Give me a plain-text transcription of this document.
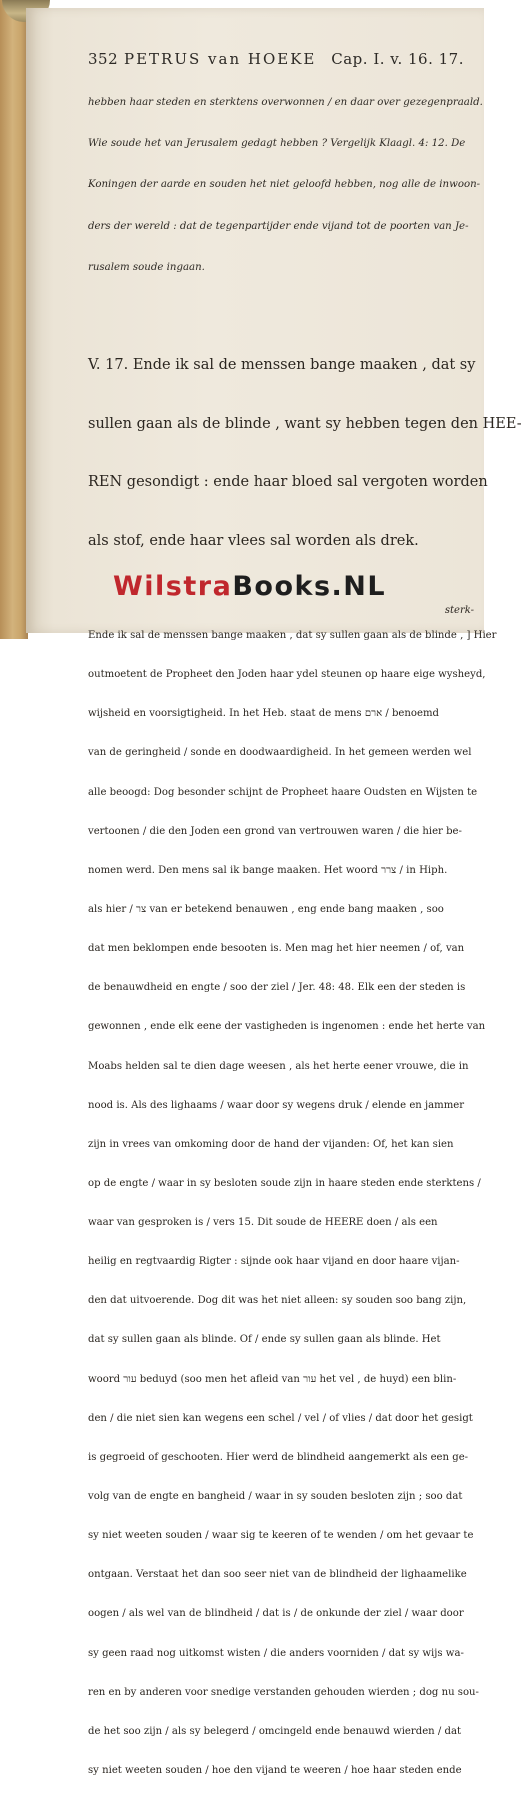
352 PETRUS van HOEKE Cap. I. v. 16. 17.

hebben haar steden en sterktens overwonnen / en daar over gezegenpraald.

Wie soude het van Jerusalem gedagt hebben ? Vergelijk Klaagl. 4: 12. De

Koningen der aarde en souden het niet geloofd hebben, nog alle de inwoon-

ders der wereld : dat de tegenpartijder ende vijand tot de poorten van Je-

rusalem soude ingaan.

V. 17. Ende ik sal de menssen bange maaken , dat sy

sullen gaan als de blinde , want sy hebben tegen den HEE-

REN gesondigt : ende haar bloed sal vergoten worden

als stof, ende haar vlees sal worden als drek.

Ende ik sal de menssen bange maaken , dat sy sullen gaan als de blinde , ] Hier

outmoetent de Propheet den Joden haar ydel steunen op haare eige wysheyd,

wijsheid en voorsigtigheid. In het Heb. staat de mens ארם / benoemd

van de geringheid / sonde en doodwaardigheid. In het gemeen werden wel

alle beoogd: Dog besonder schijnt de Propheet haare Oudsten en Wijsten te

vertoonen / die den Joden een grond van vertrouwen waren / die hier be-

nomen werd. Den mens sal ik bange maaken. Het woord צרר / in Hiph.

als hier / צר van er betekend benauwen , eng ende bang maaken , soo

dat men beklompen ende besooten is. Men mag het hier neemen / of, van

de benauwdheid en engte / soo der ziel / Jer. 48: 48. Elk een der steden is

gewonnen , ende elk eene der vastigheden is ingenomen : ende het herte van

Moabs helden sal te dien dage weesen , als het herte eener vrouwe, die in

nood is. Als des lighaams / waar door sy wegens druk / elende en jammer

zijn in vrees van omkoming door de hand der vijanden: Of, het kan sien

op de engte / waar in sy besloten soude zijn in haare steden ende sterktens /

waar van gesproken is / vers 15. Dit soude de HEERE doen / als een

heilig en regtvaardig Rigter : sijnde ook haar vijand en door haare vijan-

den dat uitvoerende. Dog dit was het niet alleen: sy souden soo bang zijn,

dat sy sullen gaan als blinde. Of / ende sy sullen gaan als blinde. Het

woord עור beduyd (soo men het afleid van עור het vel , de huyd) een blin-

den / die niet sien kan wegens een schel / vel / of vlies / dat door het gesigt

is gegroeid of geschooten. Hier werd de blindheid aangemerkt als een ge-

volg van de engte en bangheid / waar in sy souden besloten zijn ; soo dat

sy niet weeten souden / waar sig te keeren of te wenden / om het gevaar te

ontgaan. Verstaat het dan soo seer niet van de blindheid der lighaamelike

oogen / als wel van de blindheid / dat is / de onkunde der ziel / waar door

sy geen raad nog uitkomst wisten / die anders voorniden / dat sy wijs wa-

ren en by anderen voor snedige verstanden gehouden wierden ; dog nu sou-

de het soo zijn / als sy belegerd / omcingeld ende benauwd wierden / dat

sy niet weeten souden / hoe den vijand te weeren / hoe haar steden ende

sterk-
WilstraBooks.NL
